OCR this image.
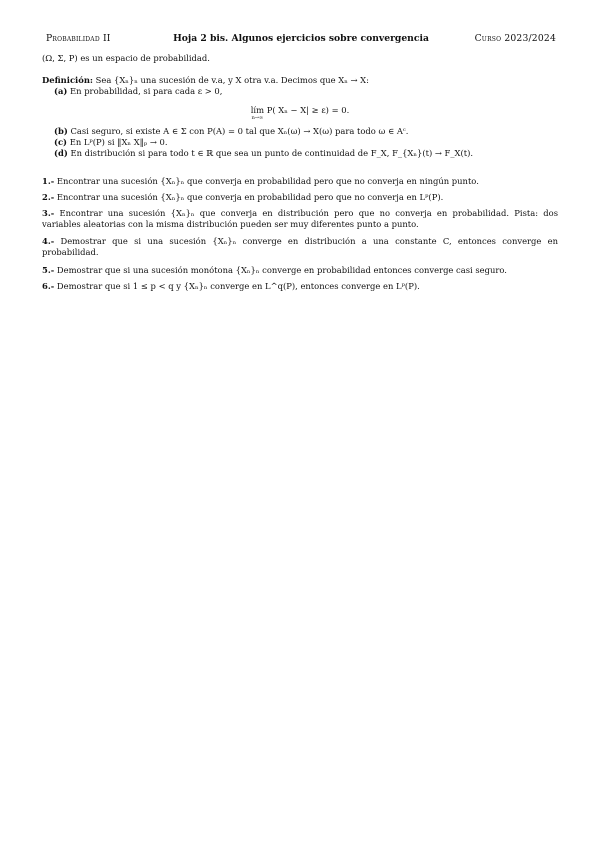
Probabilidad II	Hoja 2 bis. Algunos ejercicios sobre convergencia	Curso 2023/2024
(Ω, Σ, P) es un espacio de probabilidad.
Definición: Sea {Xₙ}ₙ una sucesión de v.a, y X otra v.a. Decimos que Xₙ → X:
(a) En probabilidad, si para cada ε > 0,
lím
n→∞
P( Xₙ − X| ≥ ε) = 0.
(b) Casi seguro, si existe A ∈ Σ con P(A) = 0 tal que Xₙ(ω) → X(ω) para todo ω ∈ Aᶜ.
(c) En Lᵖ(P) si ‖Xₙ X‖ₚ → 0.
(d) En distribución si para todo t ∈ ℝ que sea un punto de continuidad de F_X, F_{Xₙ}(t) → F_X(t).
1.- Encontrar una sucesión {Xₙ}ₙ que converja en probabilidad pero que no converja en ningún punto.
2.- Encontrar una sucesión {Xₙ}ₙ que converja en probabilidad pero que no converja en Lᵖ(P).
3.- Encontrar una sucesión {Xₙ}ₙ que converja en distribución pero que no converja en probabilidad. Pista: dos variables aleatorias con la misma distribución pueden ser muy diferentes punto a punto.
4.- Demostrar que si una sucesión {Xₙ}ₙ converge en distribución a una constante C, entonces converge en probabilidad.
5.- Demostrar que si una sucesión monótona {Xₙ}ₙ converge en probabilidad entonces converge casi seguro.
6.- Demostrar que si 1 ≤ p < q y {Xₙ}ₙ converge en L^q(P), entonces converge en Lᵖ(P).
